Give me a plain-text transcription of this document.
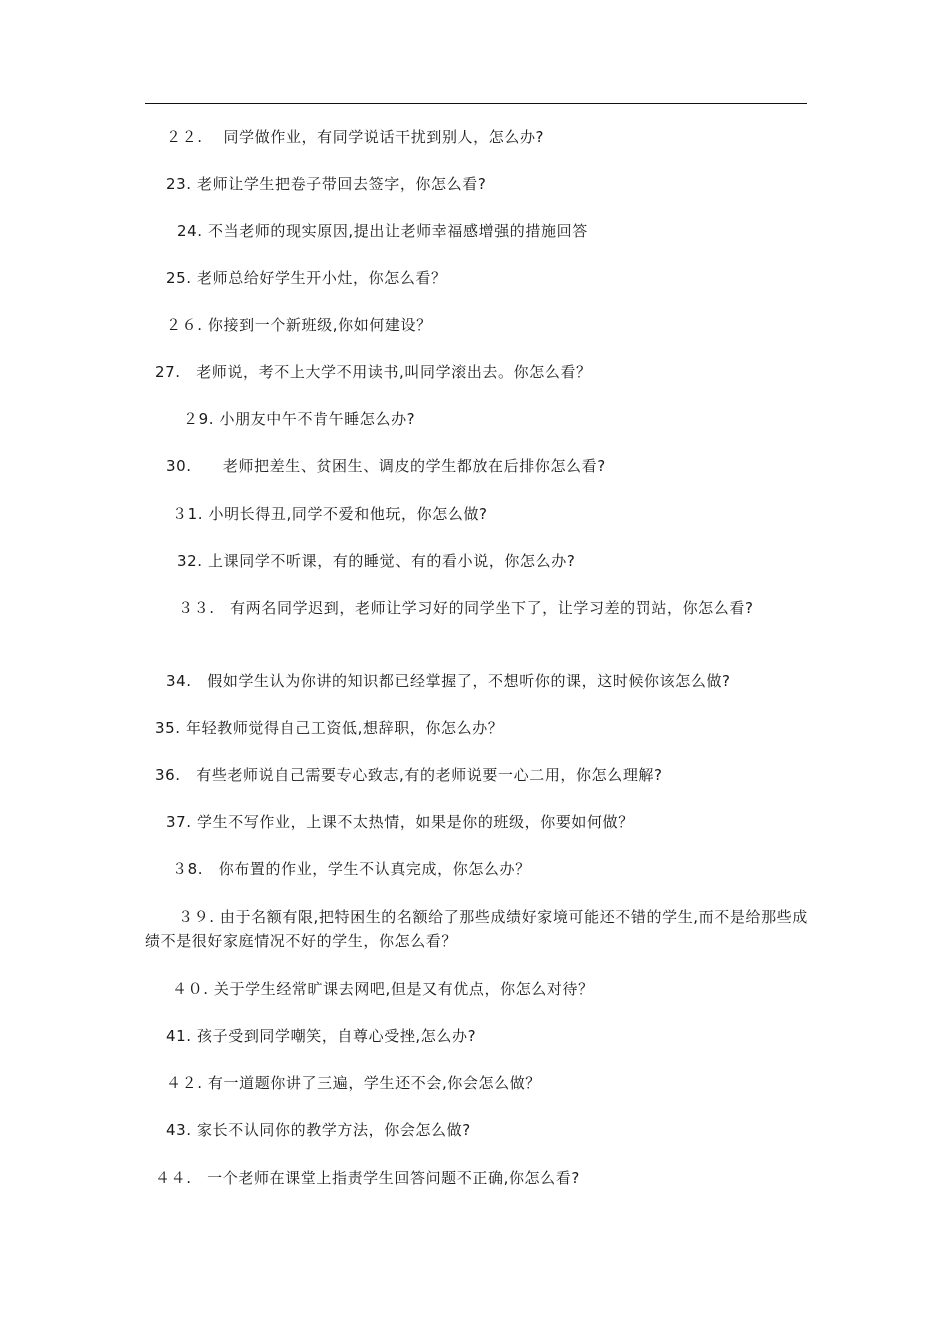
２２.　 同学做作业，有同学说话干扰到别人，怎么办?

23. 老师让学生把卷子带回去签字，你怎么看?

24. 不当老师的现实原因,提出让老师幸福感增强的措施回答

25. 老师总给好学生开小灶，你怎么看？

２６. 你接到一个新班级,你如何建设？

27.　老师说，考不上大学不用读书,叫同学滚出去。你怎么看？

２9. 小朋友中午不肯午睡怎么办?

30.　　老师把差生、贫困生、调皮的学生都放在后排你怎么看?

３1. 小明长得丑,同学不爱和他玩，你怎么做?

32. 上课同学不听课，有的睡觉、有的看小说，你怎么办?

３３.　有两名同学迟到，老师让学习好的同学坐下了，让学习差的罚站，你怎么看?

34.　假如学生认为你讲的知识都已经掌握了，不想听你的课，这时候你该怎么做?

35. 年轻教师觉得自己工资低,想辞职，你怎么办？

36.　有些老师说自己需要专心致志,有的老师说要一心二用，你怎么理解?

37. 学生不写作业，上课不太热情，如果是你的班级，你要如何做？

３8.　你布置的作业，学生不认真完成，你怎么办？

３９. 由于名额有限,把特困生的名额给了那些成绩好家境可能还不错的学生,而不是给那些成绩不是很好家庭情况不好的学生，你怎么看？

４０. 关于学生经常旷课去网吧,但是又有优点，你怎么对待？

41. 孩子受到同学嘲笑，自尊心受挫,怎么办?

４２. 有一道题你讲了三遍，学生还不会,你会怎么做？

43. 家长不认同你的教学方法，你会怎么做?

４４.　一个老师在课堂上指责学生回答问题不正确,你怎么看?
